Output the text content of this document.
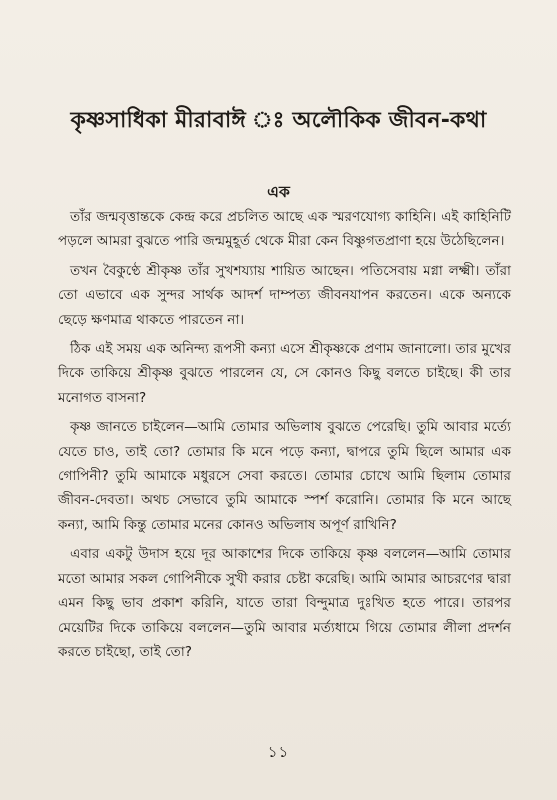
কৃষ্ণসাধিকা মীরাবাঈ ঃ অলৌকিক জীবন-কথা
এক

তাঁর জন্মবৃত্তান্তকে কেন্দ্র করে প্রচলিত আছে এক স্মরণযোগ্য কাহিনি। এই কাহিনিটি পড়লে আমরা বুঝতে পারি জন্মমুহূর্ত থেকে মীরা কেন বিষ্ণুগতপ্রাণা হয়ে উঠেছিলেন।

তখন বৈকুণ্ঠে শ্রীকৃষ্ণ তাঁর সুখশয্যায় শায়িত আছেন। পতিসেবায় মগ্না লক্ষ্মী। তাঁরা তো এভাবে এক সুন্দর সার্থক আদর্শ দাম্পত্য জীবনযাপন করতেন। একে অন্যকে ছেড়ে ক্ষণমাত্র থাকতে পারতেন না।

ঠিক এই সময় এক অনিন্দ্য রূপসী কন্যা এসে শ্রীকৃষ্ণকে প্রণাম জানালো। তার মুখের দিকে তাকিয়ে শ্রীকৃষ্ণ বুঝতে পারলেন যে, সে কোনও কিছু বলতে চাইছে। কী তার মনোগত বাসনা?

কৃষ্ণ জানতে চাইলেন—আমি তোমার অভিলাষ বুঝতে পেরেছি। তুমি আবার মর্ত্যে যেতে চাও, তাই তো? তোমার কি মনে পড়ে কন্যা, দ্বাপরে তুমি ছিলে আমার এক গোপিনী? তুমি আমাকে মধুরসে সেবা করতে। তোমার চোখে আমি ছিলাম তোমার জীবন-দেবতা। অথচ সেভাবে তুমি আমাকে স্পর্শ করোনি। তোমার কি মনে আছে কন্যা, আমি কিন্তু তোমার মনের কোনও অভিলাষ অপূর্ণ রাখিনি?

এবার একটু উদাস হয়ে দূর আকাশের দিকে তাকিয়ে কৃষ্ণ বললেন—আমি তোমার মতো আমার সকল গোপিনীকে সুখী করার চেষ্টা করেছি। আমি আমার আচরণের দ্বারা এমন কিছু ভাব প্রকাশ করিনি, যাতে তারা বিন্দুমাত্র দুঃখিত হতে পারে। তারপর মেয়েটির দিকে তাকিয়ে বললেন—তুমি আবার মর্ত্যধামে গিয়ে তোমার লীলা প্রদর্শন করতে চাইছো, তাই তো?

১১
